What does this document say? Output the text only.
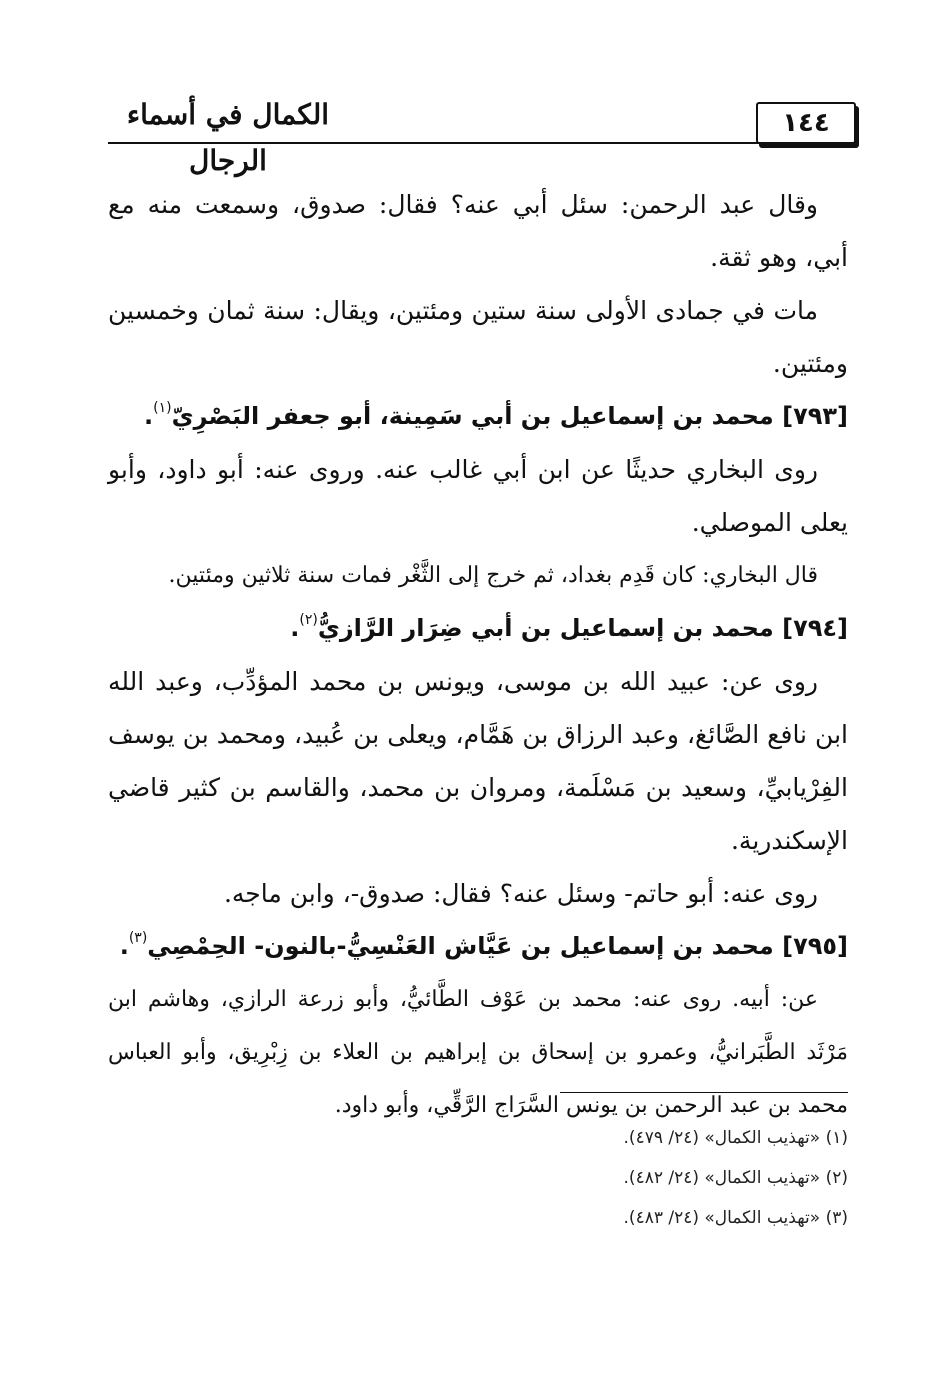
الكمال في أسماء الرجال
١٤٤

وقال عبد الرحمن: سئل أبي عنه؟ فقال: صدوق، وسمعت منه مع أبي، وهو ثقة.

مات في جمادى الأولى سنة ستين ومئتين، ويقال: سنة ثمان وخمسين ومئتين.

[٧٩٣] محمد بن إسماعيل بن أبي سَمِينة، أبو جعفر البَصْرِيّ$^{(١)}$.

روى البخاري حديثًا عن ابن أبي غالب عنه. وروى عنه: أبو داود، وأبو يعلى الموصلي.

قال البخاري: كان قَدِم بغداد، ثم خرج إلى الثَّغْر فمات سنة ثلاثين ومئتين.

[٧٩٤] محمد بن إسماعيل بن أبي ضِرَار الرَّازيُّ$^{(٢)}$.

روى عن: عبيد الله بن موسى، ويونس بن محمد المؤدِّب، وعبد الله ابن نافع الصَّائغ، وعبد الرزاق بن هَمَّام، ويعلى بن عُبيد، ومحمد بن يوسف الفِرْيابيِّ، وسعيد بن مَسْلَمة، ومروان بن محمد، والقاسم بن كثير قاضي الإسكندرية.

روى عنه: أبو حاتم- وسئل عنه؟ فقال: صدوق-، وابن ماجه.

[٧٩٥] محمد بن إسماعيل بن عَيَّاش العَنْسِيُّ-بالنون- الحِمْصِي$^{(٣)}$.

عن: أبيه. روى عنه: محمد بن عَوْف الطَّائيُّ، وأبو زرعة الرازي، وهاشم ابن مَرْثَد الطَّبَرانيُّ، وعمرو بن إسحاق بن إبراهيم بن العلاء بن زِبْرِيق، وأبو العباس محمد بن عبد الرحمن بن يونس السَّرَاج الرَّقِّي، وأبو داود.

(١) «تهذيب الكمال» (٢٤/ ٤٧٩).

(٢) «تهذيب الكمال» (٢٤/ ٤٨٢).

(٣) «تهذيب الكمال» (٢٤/ ٤٨٣).
